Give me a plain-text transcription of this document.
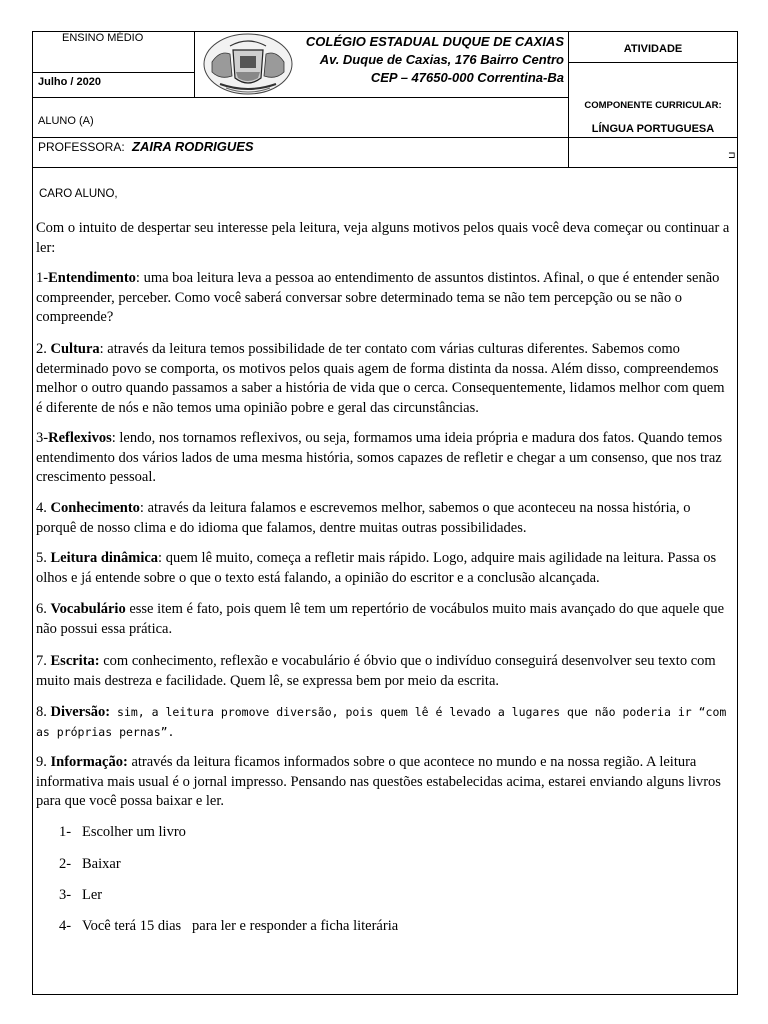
ENSINO MÉDIO
Julho / 2020
COLÉGIO ESTADUAL DUQUE DE CAXIAS
Av. Duque de Caxias, 176 Bairro Centro
CEP – 47650-000 Correntina-Ba
ATIVIDADE
ALUNO (A)
COMPONENTE CURRICULAR:
LÍNGUA PORTUGUESA
PROFESSORA: ZAIRA RODRIGUES
⊐
CARO ALUNO,
Com o intuito de despertar seu interesse pela leitura, veja alguns motivos pelos quais você deva começar ou continuar a ler:
1-Entendimento: uma boa leitura leva a pessoa ao entendimento de assuntos distintos. Afinal, o que é entender senão compreender, perceber. Como você saberá conversar sobre determinado tema se não tem percepção ou se não o compreende?
2. Cultura: através da leitura temos possibilidade de ter contato com várias culturas diferentes. Sabemos como determinado povo se comporta, os motivos pelos quais agem de forma distinta da nossa. Além disso, compreendemos melhor o outro quando passamos a saber a história de vida que o cerca. Consequentemente, lidamos melhor com quem é diferente de nós e não temos uma opinião pobre e geral das circunstâncias.
3-Reflexivos: lendo, nos tornamos reflexivos, ou seja, formamos uma ideia própria e madura dos fatos. Quando temos entendimento dos vários lados de uma mesma história, somos capazes de refletir e chegar a um consenso, que nos traz crescimento pessoal.
4. Conhecimento: através da leitura falamos e escrevemos melhor, sabemos o que aconteceu na nossa história, o porquê de nosso clima e do idioma que falamos, dentre muitas outras possibilidades.
5. Leitura dinâmica: quem lê muito, começa a refletir mais rápido. Logo, adquire mais agilidade na leitura. Passa os olhos e já entende sobre o que o texto está falando, a opinião do escritor e a conclusão alcançada.
6. Vocabulário esse item é fato, pois quem lê tem um repertório de vocábulos muito mais avançado do que aquele que não possui essa prática.
7. Escrita: com conhecimento, reflexão e vocabulário é óbvio que o indivíduo conseguirá desenvolver seu texto com muito mais destreza e facilidade. Quem lê, se expressa bem por meio da escrita.
8. Diversão: sim, a leitura promove diversão, pois quem lê é levado a lugares que não poderia ir “com as próprias pernas”.
9. Informação: através da leitura ficamos informados sobre o que acontece no mundo e na nossa região. A leitura informativa mais usual é o jornal impresso. Pensando nas questões estabelecidas acima, estarei enviando alguns livros para que você possa baixar e ler.
1- Escolher um livro
2- Baixar
3- Ler
4- Você terá 15 dias   para ler e responder a ficha literária
